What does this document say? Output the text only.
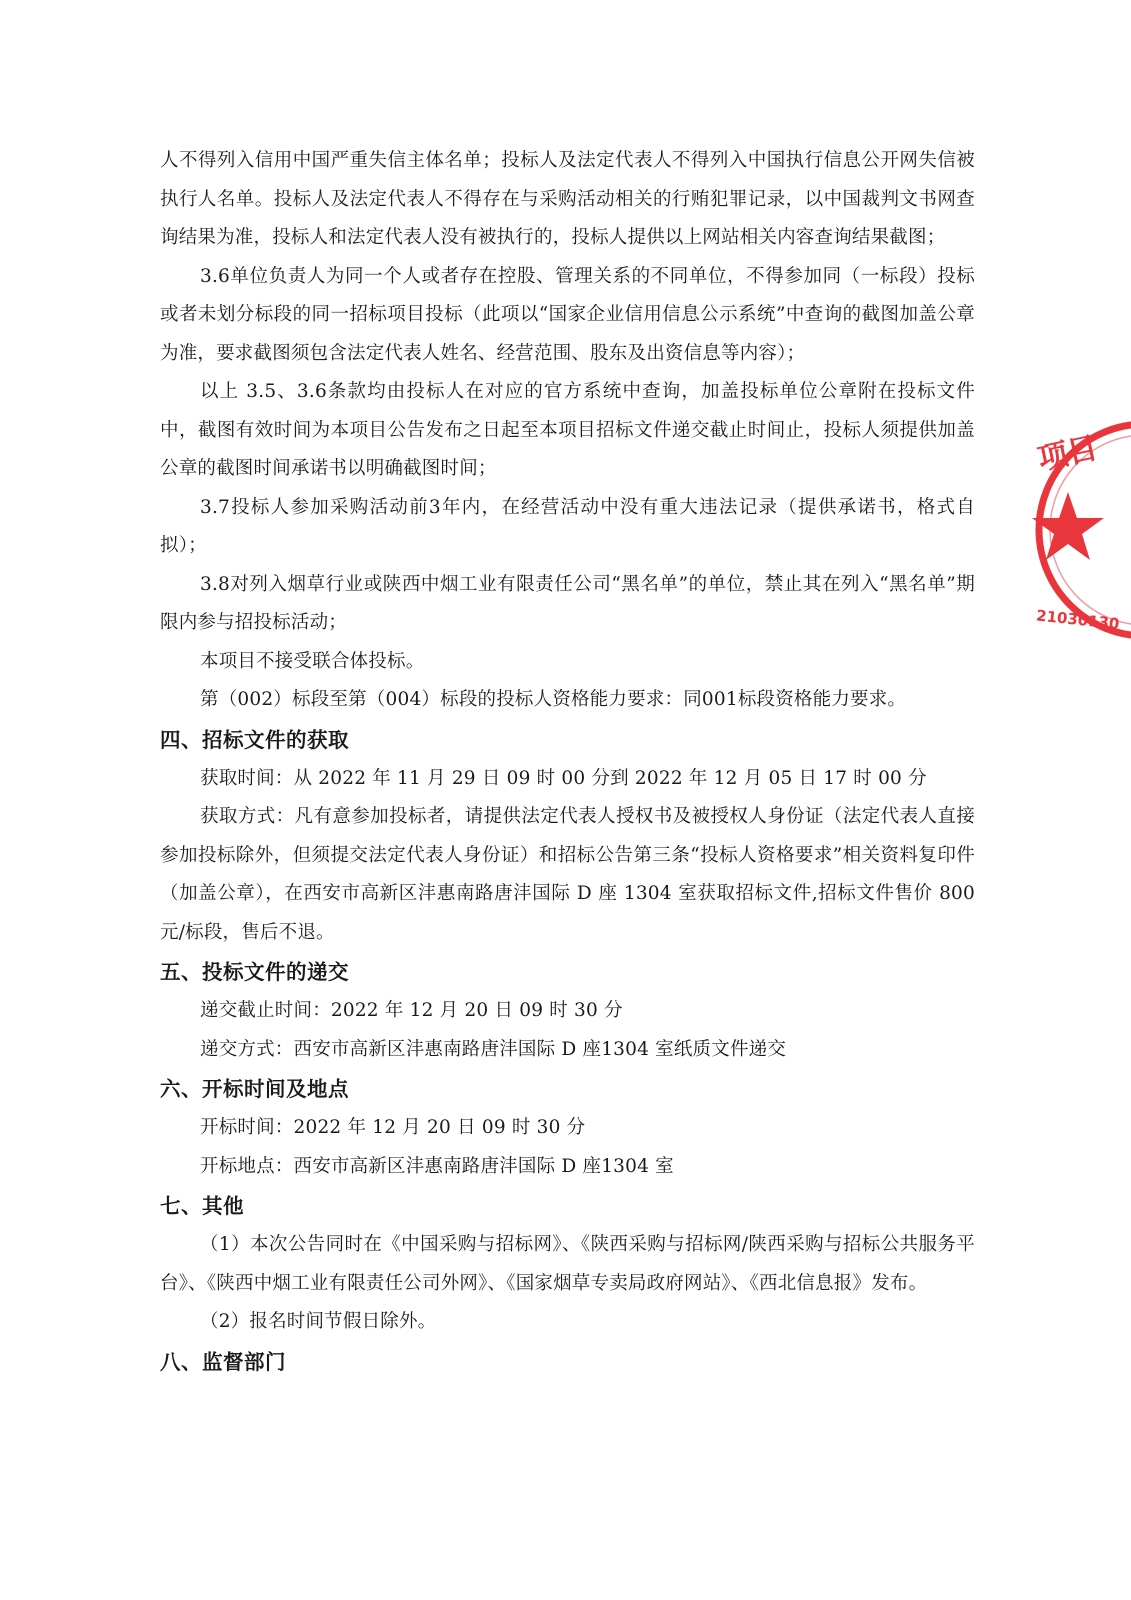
人不得列入信用中国严重失信主体名单；投标人及法定代表人不得列入中国执行信息公开网失信被执行人名单。投标人及法定代表人不得存在与采购活动相关的行贿犯罪记录，以中国裁判文书网查询结果为准，投标人和法定代表人没有被执行的，投标人提供以上网站相关内容查询结果截图；

3.6单位负责人为同一个人或者存在控股、管理关系的不同单位，不得参加同（一标段）投标或者未划分标段的同一招标项目投标（此项以“国家企业信用信息公示系统”中查询的截图加盖公章为准，要求截图须包含法定代表人姓名、经营范围、股东及出资信息等内容）；

以上 3.5、3.6条款均由投标人在对应的官方系统中查询，加盖投标单位公章附在投标文件中，截图有效时间为本项目公告发布之日起至本项目招标文件递交截止时间止，投标人须提供加盖公章的截图时间承诺书以明确截图时间；

3.7投标人参加采购活动前3年内，在经营活动中没有重大违法记录（提供承诺书，格式自拟）；

3.8对列入烟草行业或陕西中烟工业有限责任公司“黑名单”的单位，禁止其在列入“黑名单”期限内参与招投标活动；

本项目不接受联合体投标。

第（002）标段至第（004）标段的投标人资格能力要求：同001标段资格能力要求。

四、招标文件的获取

获取时间：从 2022 年 11 月 29 日 09 时 00 分到 2022 年 12 月 05 日 17 时 00 分

获取方式：凡有意参加投标者，请提供法定代表人授权书及被授权人身份证（法定代表人直接参加投标除外，但须提交法定代表人身份证）和招标公告第三条“投标人资格要求”相关资料复印件（加盖公章），在西安市高新区沣惠南路唐沣国际 D 座 1304 室获取招标文件,招标文件售价 800 元/标段，售后不退。

五、投标文件的递交

递交截止时间：2022 年 12 月 20 日 09 时 30 分

递交方式：西安市高新区沣惠南路唐沣国际 D 座1304 室纸质文件递交

六、开标时间及地点

开标时间：2022 年 12 月 20 日 09 时 30 分

开标地点：西安市高新区沣惠南路唐沣国际 D 座1304 室

七、其他

（1）本次公告同时在《中国采购与招标网》、《陕西采购与招标网/陕西采购与招标公共服务平台》、《陕西中烟工业有限责任公司外网》、《国家烟草专卖局政府网站》、《西北信息报》发布。

（2）报名时间节假日除外。

八、监督部门
项目
21030130
